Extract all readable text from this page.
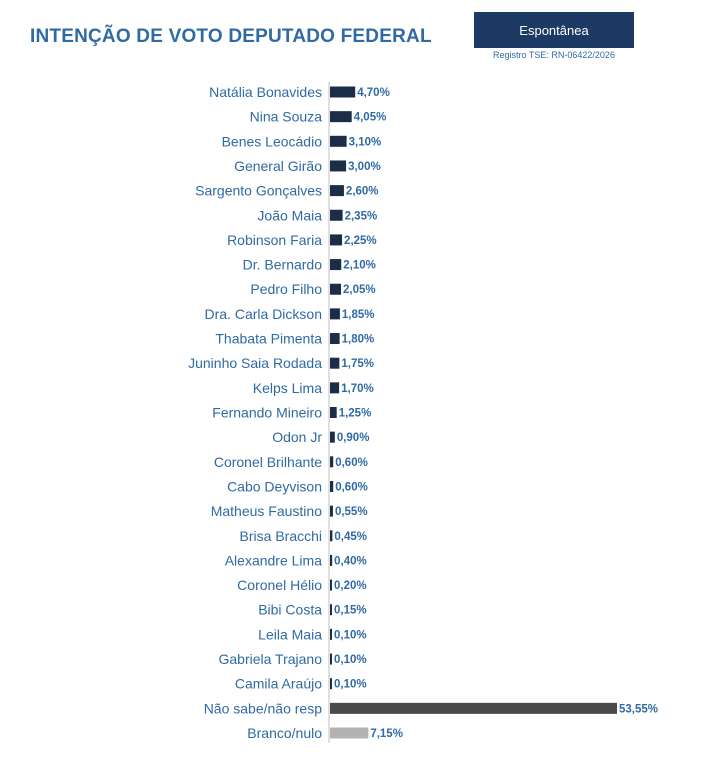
INTENÇÃO DE VOTO DEPUTADO FEDERAL	Espontânea
Registro TSE: RN-06422/2026
Natália Bonavides	4,70%
Nina Souza	4,05%
Benes Leocádio 3,10%
General Girão 3,00%
Sargento Gonçalves 2,60%
João Maia 2,35%
Robinson Faria 2,25%
Dr. Bernardo 2,10%
Pedro Filho 2,05%
Dra. Carla Dickson 1,85%
Thabata Pimenta 1,80%
Juninho Saia Rodada 1,75%
Kelps Lima 1,70%
Fernando Mineiro 1,25%
Odon Jr 0,90%
Coronel Brilhante 0,60%
Cabo Deyvison 0,60%
Matheus Faustino 0,55%
Brisa Bracchi 0,45%
Alexandre Lima 0,40%
Coronel Hélio 0,20%
Bibi Costa 0,15%
Leila Maia 0,10%
Gabriela Trajano 0,10%
Camila Araújo 0,10%
Não sabe/não resp	53,55%
Branco/nulo	7,15%
